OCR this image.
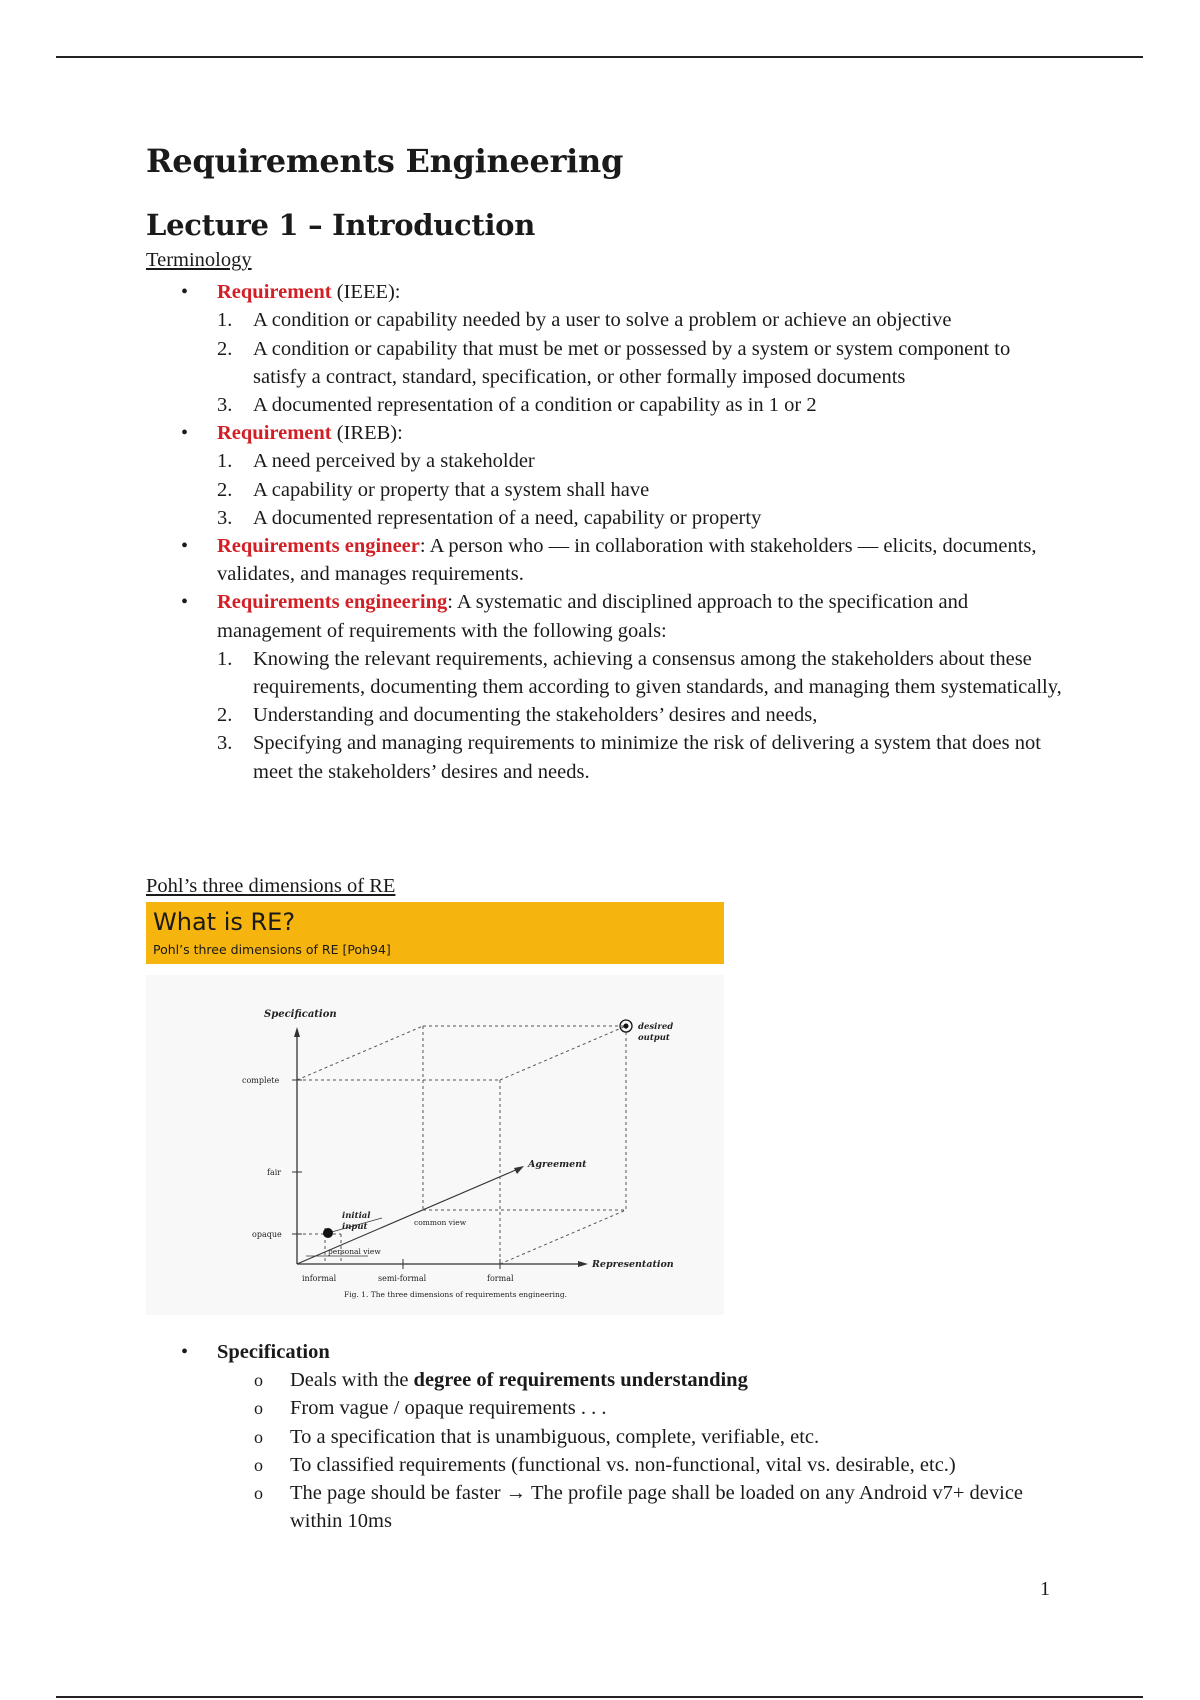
Requirements Engineering
Lecture 1 – Introduction
Terminology
• Requirement (IEEE):
1. A condition or capability needed by a user to solve a problem or achieve an objective
2. A condition or capability that must be met or possessed by a system or system component to satisfy a contract, standard, specification, or other formally imposed documents
3. A documented representation of a condition or capability as in 1 or 2
• Requirement (IREB):
1. A need perceived by a stakeholder
2. A capability or property that a system shall have
3. A documented representation of a need, capability or property
• Requirements engineer: A person who — in collaboration with stakeholders — elicits, documents, validates, and manages requirements.
• Requirements engineering: A systematic and disciplined approach to the specification and management of requirements with the following goals:
1. Knowing the relevant requirements, achieving a consensus among the stakeholders about these requirements, documenting them according to given standards, and managing them systematically,
2. Understanding and documenting the stakeholders’ desires and needs,
3. Specifying and managing requirements to minimize the risk of delivering a system that does not meet the stakeholders’ desires and needs.
Pohl’s three dimensions of RE
What is RE?
Pohl’s three dimensions of RE [Poh94]
Specification
Representation
Agreement
complete
fair
opaque
informal	semi-formal	formal
initial
input
desired
output
common view
personal view
Fig. 1. The three dimensions of requirements engineering.
• Specification
o Deals with the degree of requirements understanding
o From vague / opaque requirements . . .
o To a specification that is unambiguous, complete, verifiable, etc.
o To classified requirements (functional vs. non-functional, vital vs. desirable, etc.)
o The page should be faster → The profile page shall be loaded on any Android v7+ device within 10ms
1
